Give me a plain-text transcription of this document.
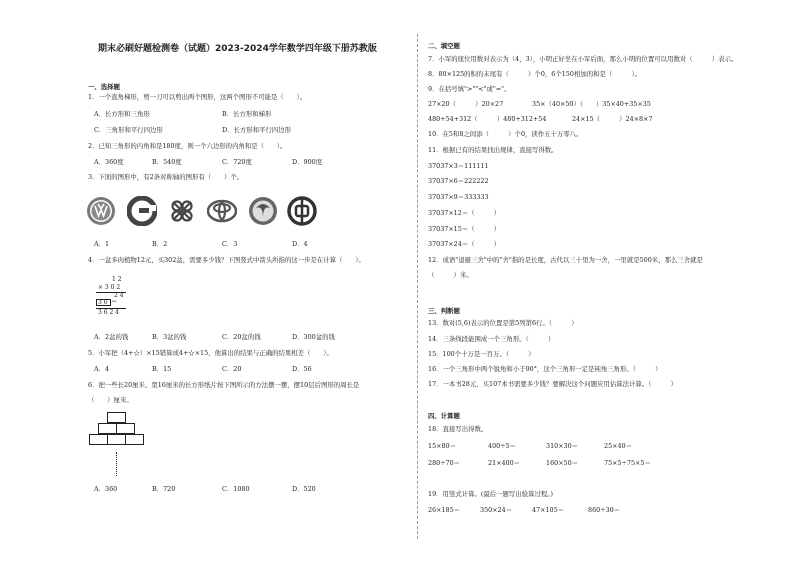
期末必刷好题检测卷（试题）2023-2024学年数学四年级下册苏教版
一、选择题
1．一个直角梯形，剪一刀可以剪出两个图形，这两个图形不可能是（　　）。
A．长方形和三角形	B．长方形和梯形
C．三角形和平行四边形	D．长方形和平行四边形
2．已知三角形的内角和是180度，则一个六边形的内角和是（　　）。
A．360度	B．540度	C．720度	D．900度
3．下面的图形中，有2条对称轴的图形有（　　）个。
A．1	B．2	C．3	D．4
4．一盆多肉植物12元，买302盆，需要多少钱？下图竖式中箭头所指的这一步是在计算（　　）。
1 2
× 3 0 2
2 4
3 6 ←
3 6 2 4
A．2盆的钱	B．3盆的钱	C．20盆的钱	D．300盆的钱
5．小军把（4+☆）×15错算成4+☆×15，他算出的结果与正确的结果相差（　　）。
A．4	B．15	C．20	D．56
6．把一些长20厘米、宽16厘米的长方形纸片按下图所示的方法摆一摆，摆10层后图形的周长是
（　　）厘米。
A．360	B．720	C．1080	D．520
二、填空题
7．小军的座位用数对表示为（4，3），小明正好坐在小军后面，那么小明的位置可以用数对（　　　）表示。
8．80×125的积的末尾有（　　　）个0，6个150相加的和是（　　　）。
9．在括号填">""<"或"="。
27×20（　　　）20×27	35×（40×50）（　　）35×40+35×35
480+54+312（　　　）480+312+54	24×15（　　　）24×8×7
10．在5和8之间添（　　　）个0，读作五十万零八。
11．根据已有的结果找出规律，直接写得数。
37037×3＝111111
37037×6＝222222
37037×9＝333333
37037×12＝（　　　）
37037×15＝（　　　）
37037×24＝（　　　）
12．成语"退避三舍"中的"舍"指的是长度，古代以三十里为一舍，一里就是500米，那么三舍就是
（　　　）米。
三、判断题
13．数对(5,6)表示的位置是第5列第6行。（　　　）
14．三条线段能围成一个三角形。（　　　）
15．100个十万是一百万。（　　　）
16．一个三角形中两个锐角和小于90°，这个三角形一定是钝角三角形。（　　　）
17．一本书28元，买107本书需要多少钱？要解决这个问题应用估算法计算。（　　　）
四、计算题
18．直接写出得数。
15×80＝	400÷5＝	310×30＝	25×40＝
280÷70＝	21×400＝	160×50＝	75×5÷75×5＝
19．用竖式计算。(最后一题写出验算过程。)
26×185＝	350×24＝	47×105＝	860÷30＝
